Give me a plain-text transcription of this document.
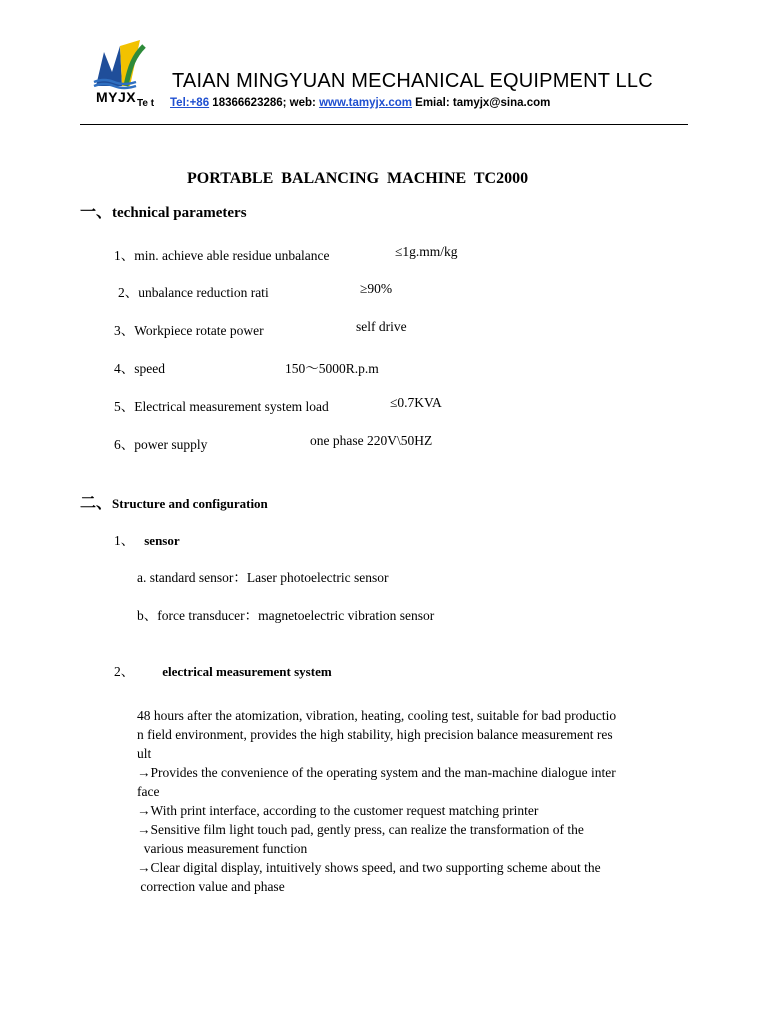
MYJX Te t
TAIAN MINGYUAN MECHANICAL EQUIPMENT LLC
Tel:+86 18366623286; web: www.tamyjx.com Emial: tamyjx@sina.com
PORTABLE BALANCING MACHINE TC2000
一、technical parameters
1、min. achieve able residue unbalance	≤1g.mm/kg
2、unbalance reduction rati	≥90%
3、Workpiece rotate power	self drive
4、speed	150～5000R.p.m
5、Electrical measurement system load	≤0.7KVA
6、power supply	one phase 220V\50HZ
二、Structure and configuration
1、 sensor
a. standard sensor：Laser photoelectric sensor
b、force transducer：magnetoelectric vibration sensor
2、 electrical measurement system
48 hours after the atomization, vibration, heating, cooling test, suitable for bad productio
n field environment, provides the high stability, high precision balance measurement res
ult
→Provides the convenience of the operating system and the man-machine dialogue inter
face
→With print interface, according to the customer request matching printer
→Sensitive film light touch pad, gently press, can realize the transformation of the
various measurement function
→Clear digital display, intuitively shows speed, and two supporting scheme about the
correction value and phase
